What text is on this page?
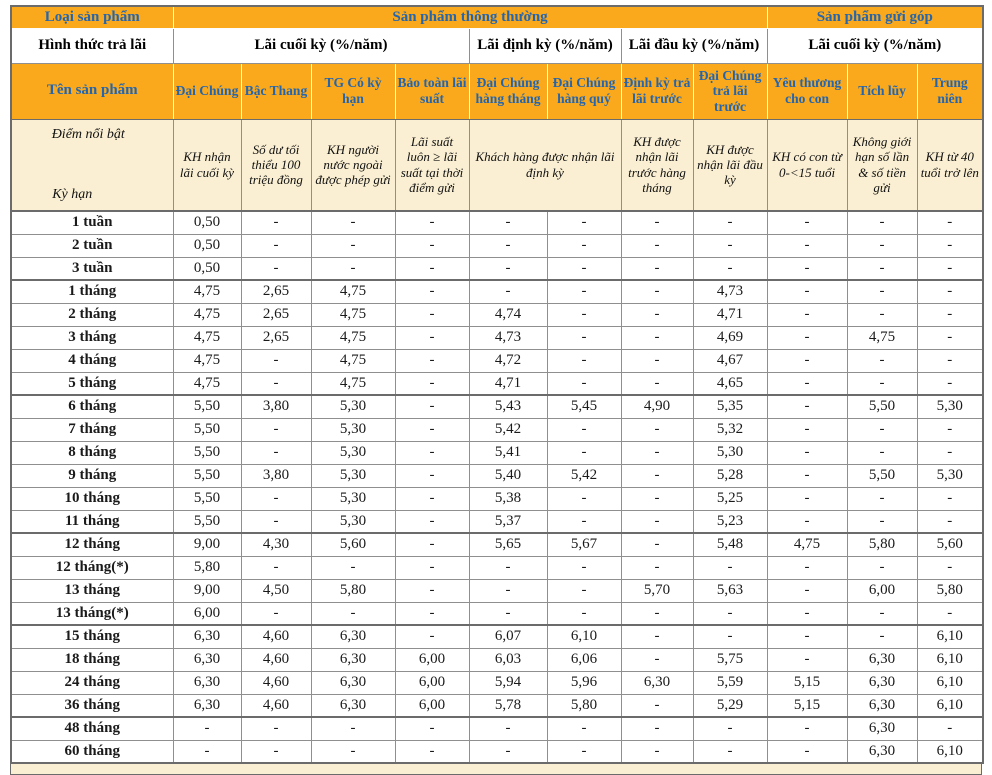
Loại sản phẩm	Sản phẩm thông thường								Sản phẩm gửi góp		
Hình thức trả lãi	Lãi cuối kỳ (%/năm)				Lãi định kỳ (%/năm)		Lãi đầu kỳ (%/năm)		Lãi cuối kỳ (%/năm)		
Tên sản phẩm	Đại Chúng	Bậc Thang	TG Có kỳ hạn	Bảo toàn lãi suất	Đại Chúng hàng tháng	Đại Chúng hàng quý	Định kỳ trả lãi trước	Đại Chúng trả lãi trước	Yêu thương cho con	Tích lũy	Trung niên

Điểm nổi bật
Kỳ hạn	KH nhận lãi cuối kỳ	Số dư tối thiểu 100 triệu đồng	KH người nước ngoài được phép gửi	Lãi suất luôn ≥ lãi suất tại thời điểm gửi	Khách hàng được nhận lãi định kỳ		KH được nhận lãi trước hàng tháng	KH được nhận lãi đầu kỳ	KH có con từ 0-<15 tuổi	Không giới hạn số lần & số tiền gửi	KH từ 40 tuổi trở lên
1 tuần	0,50	-	-	-	-	-	-	-	-	-	-
2 tuần	0,50	-	-	-	-	-	-	-	-	-	-
3 tuần	0,50	-	-	-	-	-	-	-	-	-	-
1 tháng	4,75	2,65	4,75	-	-	-	-	4,73	-	-	-
2 tháng	4,75	2,65	4,75	-	4,74	-	-	4,71	-	-	-
3 tháng	4,75	2,65	4,75	-	4,73	-	-	4,69	-	4,75	-
4 tháng	4,75	-	4,75	-	4,72	-	-	4,67	-	-	-
5 tháng	4,75	-	4,75	-	4,71	-	-	4,65	-	-	-
6 tháng	5,50	3,80	5,30	-	5,43	5,45	4,90	5,35	-	5,50	5,30
7 tháng	5,50	-	5,30	-	5,42	-	-	5,32	-	-	-
8 tháng	5,50	-	5,30	-	5,41	-	-	5,30	-	-	-
9 tháng	5,50	3,80	5,30	-	5,40	5,42	-	5,28	-	5,50	5,30
10 tháng	5,50	-	5,30	-	5,38	-	-	5,25	-	-	-
11 tháng	5,50	-	5,30	-	5,37	-	-	5,23	-	-	-
12 tháng	9,00	4,30	5,60	-	5,65	5,67	-	5,48	4,75	5,80	5,60
12 tháng(*)	5,80	-	-	-	-	-	-	-	-	-	-
13 tháng	9,00	4,50	5,80	-	-	-	5,70	5,63	-	6,00	5,80
13 tháng(*)	6,00	-	-	-	-	-	-	-	-	-	-
15 tháng	6,30	4,60	6,30	-	6,07	6,10	-	-	-	-	6,10
18 tháng	6,30	4,60	6,30	6,00	6,03	6,06	-	5,75	-	6,30	6,10
24 tháng	6,30	4,60	6,30	6,00	5,94	5,96	6,30	5,59	5,15	6,30	6,10
36 tháng	6,30	4,60	6,30	6,00	5,78	5,80	-	5,29	5,15	6,30	6,10
48 tháng	-	-	-	-	-	-	-	-	-	6,30	-
60 tháng	-	-	-	-	-	-	-	-	-	6,30	6,10
